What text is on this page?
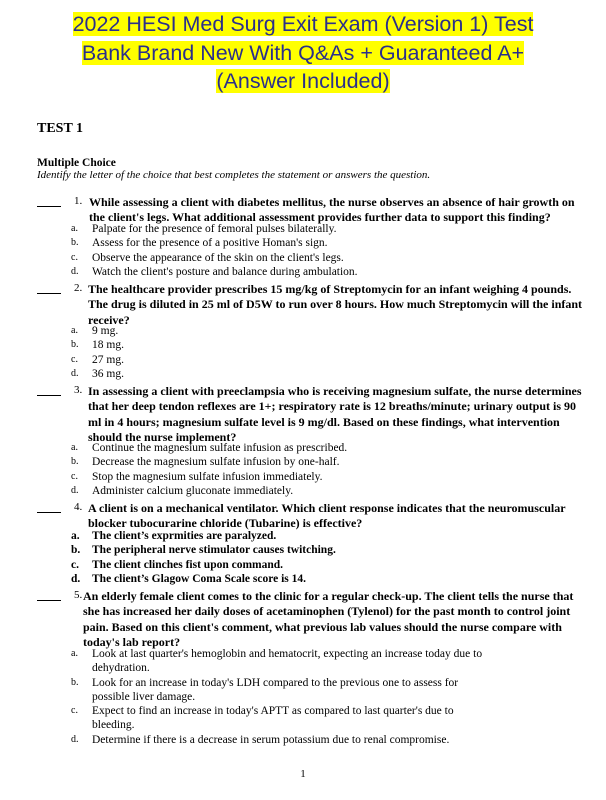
2022 HESI Med Surg Exit Exam (Version 1) Test
Bank Brand New With Q&As + Guaranteed A+
(Answer Included)
TEST 1
Multiple Choice
Identify the letter of the choice that best completes the statement or answers the question.
1. While assessing a client with diabetes mellitus, the nurse observes an absence of hair growth on the client's legs. What additional assessment provides further data to support this finding?
a. Palpate for the presence of femoral pulses bilaterally.
b. Assess for the presence of a positive Homan's sign.
c. Observe the appearance of the skin on the client's legs.
d. Watch the client's posture and balance during ambulation.
2. The healthcare provider prescribes 15 mg/kg of Streptomycin for an infant weighing 4 pounds. The drug is diluted in 25 ml of D5W to run over 8 hours. How much Streptomycin will the infant receive?
a. 9 mg.
b. 18 mg.
c. 27 mg.
d. 36 mg.
3. In assessing a client with preeclampsia who is receiving magnesium sulfate, the nurse determines that her deep tendon reflexes are 1+; respiratory rate is 12 breaths/minute; urinary output is 90 ml in 4 hours; magnesium sulfate level is 9 mg/dl. Based on these findings, what intervention should the nurse implement?
a. Continue the magnesium sulfate infusion as prescribed.
b. Decrease the magnesium sulfate infusion by one-half.
c. Stop the magnesium sulfate infusion immediately.
d. Administer calcium gluconate immediately.
4. A client is on a mechanical ventilator. Which client response indicates that the neuromuscular blocker tubocurarine chloride (Tubarine) is effective?
a. The client’s exprmities are paralyzed.
b. The peripheral nerve stimulator causes twitching.
c. The client clinches fist upon command.
d. The client’s Glagow Coma Scale score is 14.
5. An elderly female client comes to the clinic for a regular check-up. The client tells the nurse that she has increased her daily doses of acetaminophen (Tylenol) for the past month to control joint pain. Based on this client's comment, what previous lab values should the nurse compare with today's lab report?
a. Look at last quarter's hemoglobin and hematocrit, expecting an increase today due to dehydration.
b. Look for an increase in today's LDH compared to the previous one to assess for possible liver damage.
c. Expect to find an increase in today's APTT as compared to last quarter's due to bleeding.
d. Determine if there is a decrease in serum potassium due to renal compromise.
1
